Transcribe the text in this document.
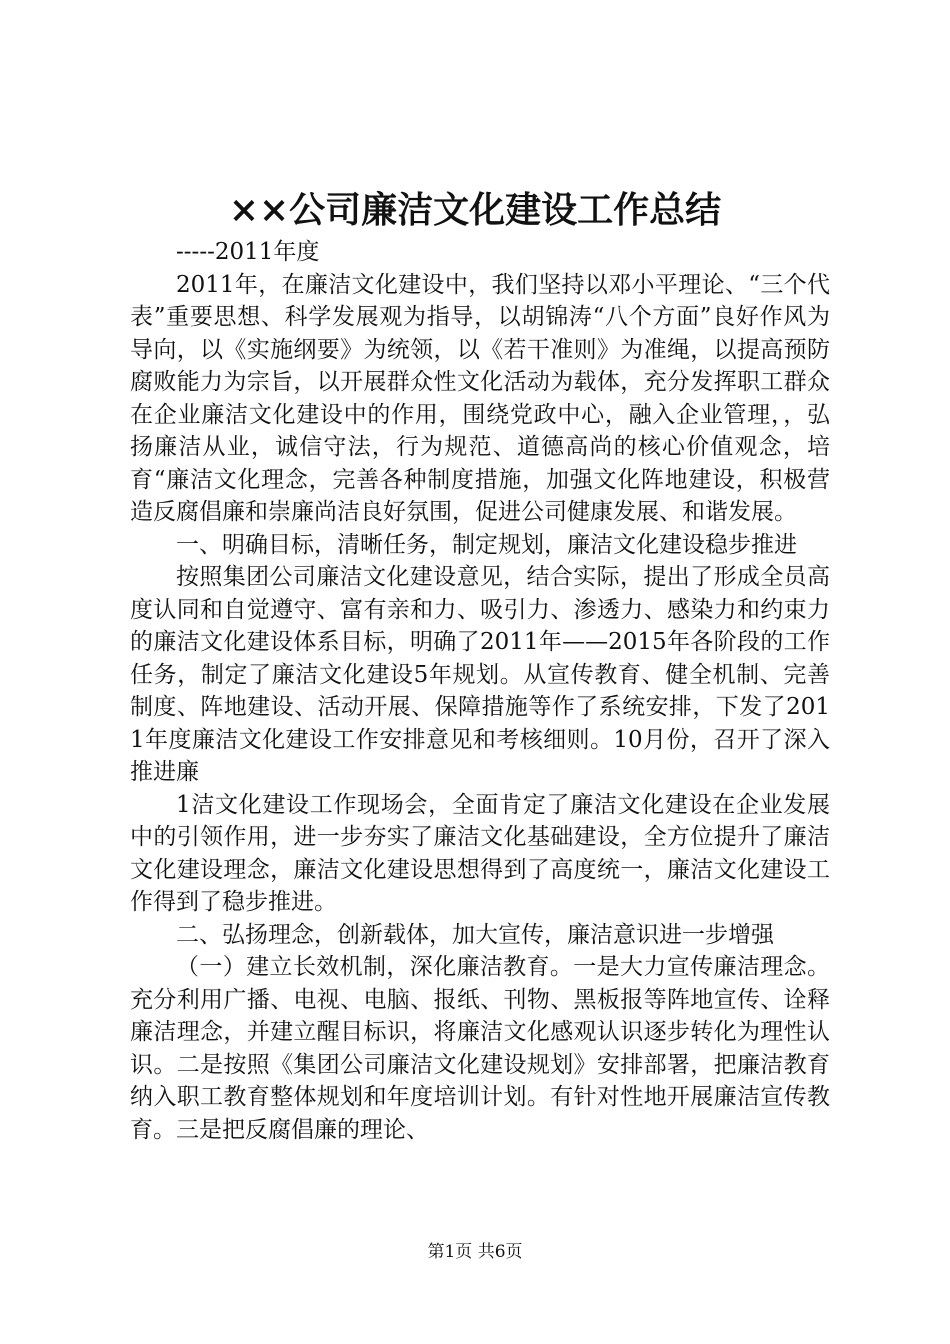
××公司廉洁文化建设工作总结

-----2011年度

2011年，在廉洁文化建设中，我们坚持以邓小平理论、“三个代表”重要思想、科学发展观为指导，以胡锦涛“八个方面”良好作风为导向，以《实施纲要》为统领，以《若干准则》为准绳，以提高预防腐败能力为宗旨，以开展群众性文化活动为载体，充分发挥职工群众在企业廉洁文化建设中的作用，围绕党政中心，融入企业管理，，弘扬廉洁从业，诚信守法，行为规范、道德高尚的核心价值观念，培育“廉洁文化理念，完善各种制度措施，加强文化阵地建设，积极营造反腐倡廉和崇廉尚洁良好氛围，促进公司健康发展、和谐发展。

一、明确目标，清晰任务，制定规划，廉洁文化建设稳步推进

按照集团公司廉洁文化建设意见，结合实际，提出了形成全员高度认同和自觉遵守、富有亲和力、吸引力、渗透力、感染力和约束力的廉洁文化建设体系目标，明确了2011年——2015年各阶段的工作任务，制定了廉洁文化建设5年规划。从宣传教育、健全机制、完善制度、阵地建设、活动开展、保障措施等作了系统安排，下发了2011年度廉洁文化建设工作安排意见和考核细则。10月份，召开了深入推进廉

1洁文化建设工作现场会，全面肯定了廉洁文化建设在企业发展中的引领作用，进一步夯实了廉洁文化基础建设，全方位提升了廉洁文化建设理念，廉洁文化建设思想得到了高度统一，廉洁文化建设工作得到了稳步推进。

二、弘扬理念，创新载体，加大宣传，廉洁意识进一步增强

（一）建立长效机制，深化廉洁教育。一是大力宣传廉洁理念。充分利用广播、电视、电脑、报纸、刊物、黑板报等阵地宣传、诠释廉洁理念，并建立醒目标识，将廉洁文化感观认识逐步转化为理性认识。二是按照《集团公司廉洁文化建设规划》安排部署，把廉洁教育纳入职工教育整体规划和年度培训计划。有针对性地开展廉洁宣传教育。三是把反腐倡廉的理论、

第1页 共6页
